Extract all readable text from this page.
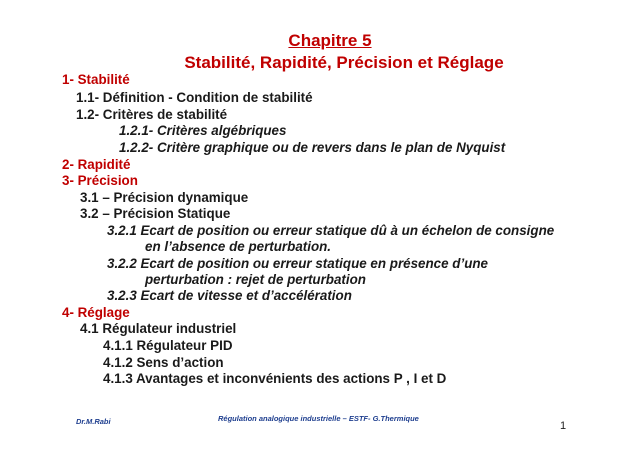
Chapitre 5
Stabilité, Rapidité, Précision et Réglage
1- Stabilité
1.1- Définition - Condition de stabilité
1.2- Critères de stabilité
1.2.1- Critères algébriques
1.2.2- Critère graphique ou de revers dans le plan de Nyquist
2- Rapidité
3- Précision
3.1 – Précision dynamique
3.2 – Précision Statique
3.2.1 Ecart de position ou erreur statique dû à un échelon de consigne
en l’absence de perturbation.
3.2.2 Ecart de position ou erreur statique en présence d’une
perturbation : rejet de perturbation
3.2.3 Ecart de vitesse et d’accélération
4- Réglage
4.1 Régulateur industriel
4.1.1 Régulateur PID
4.1.2 Sens d’action
4.1.3 Avantages et inconvénients des actions P , I et D
Dr.M.Rabi	Régulation analogique industrielle – ESTF- G.Thermique
1
